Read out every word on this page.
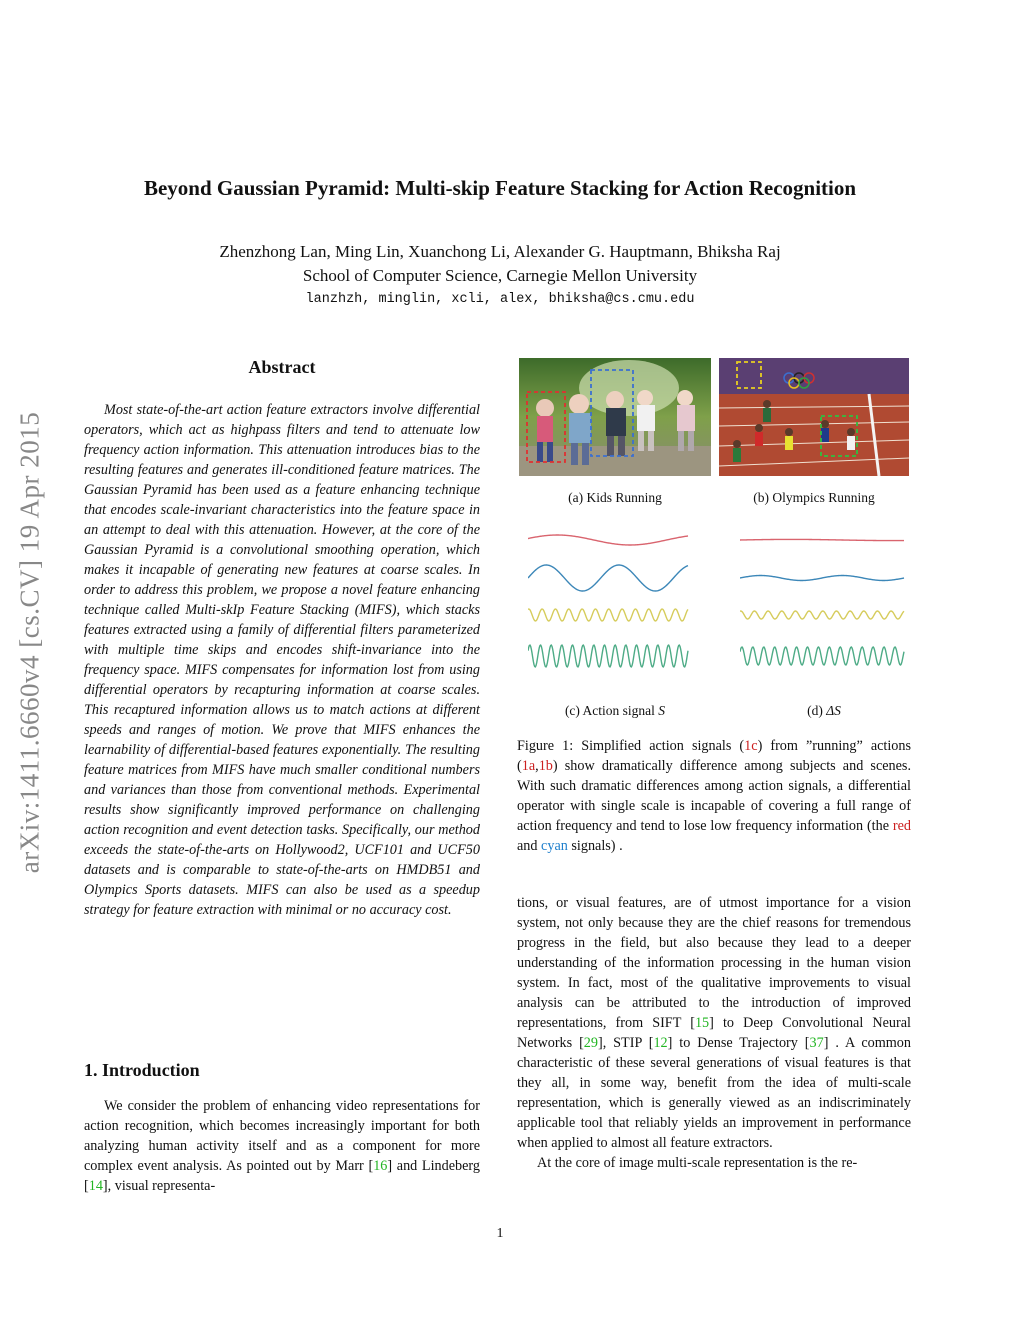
Beyond Gaussian Pyramid: Multi-skip Feature Stacking for Action Recognition
Zhenzhong Lan, Ming Lin, Xuanchong Li, Alexander G. Hauptmann, Bhiksha Raj
School of Computer Science, Carnegie Mellon University
lanzhzh, minglin, xcli, alex, bhiksha@cs.cmu.edu
arXiv:1411.6660v4 [cs.CV] 19 Apr 2015
Abstract

Most state-of-the-art action feature extractors involve differential operators, which act as highpass filters and tend to attenuate low frequency action information. This attenuation introduces bias to the resulting features and generates ill-conditioned feature matrices. The Gaussian Pyramid has been used as a feature enhancing technique that encodes scale-invariant characteristics into the feature space in an attempt to deal with this attenuation. However, at the core of the Gaussian Pyramid is a convolutional smoothing operation, which makes it incapable of generating new features at coarse scales. In order to address this problem, we propose a novel feature enhancing technique called Multi-skIp Feature Stacking (MIFS), which stacks features extracted using a family of differential filters parameterized with multiple time skips and encodes shift-invariance into the frequency space. MIFS compensates for information lost from using differential operators by recapturing information at coarse scales. This recaptured information allows us to match actions at different speeds and ranges of motion. We prove that MIFS enhances the learnability of differential-based features exponentially. The resulting feature matrices from MIFS have much smaller conditional numbers and variances than those from conventional methods. Experimental results show significantly improved performance on challenging action recognition and event detection tasks. Specifically, our method exceeds the state-of-the-arts on Hollywood2, UCF101 and UCF50 datasets and is comparable to state-of-the-arts on HMDB51 and Olympics Sports datasets. MIFS can also be used as a speedup strategy for feature extraction with minimal or no accuracy cost.

1. Introduction

We consider the problem of enhancing video representations for action recognition, which becomes increasingly important for both analyzing human activity itself and as a component for more complex event analysis. As pointed out by Marr [16] and Lindeberg [14], visual representa-

(a) Kids Running	(b) Olympics Running
(c) Action signal S	(d) ΔS
Figure 1: Simplified action signals (1c) from ”running” actions (1a,1b) show dramatically difference among subjects and scenes. With such dramatic differences among action signals, a differential operator with single scale is incapable of covering a full range of action frequency and tend to lose low frequency information (the red and cyan signals) .

tions, or visual features, are of utmost importance for a vision system, not only because they are the chief reasons for tremendous progress in the field, but also because they lead to a deeper understanding of the information processing in the human vision system. In fact, most of the qualitative improvements to visual analysis can be attributed to the introduction of improved representations, from SIFT [15] to Deep Convolutional Neural Networks [29], STIP [12] to Dense Trajectory [37] . A common characteristic of these several generations of visual features is that they all, in some way, benefit from the idea of multi-scale representation, which is generally viewed as an indiscriminately applicable tool that reliably yields an improvement in performance when applied to almost all feature extractors.

At the core of image multi-scale representation is the re-

1
